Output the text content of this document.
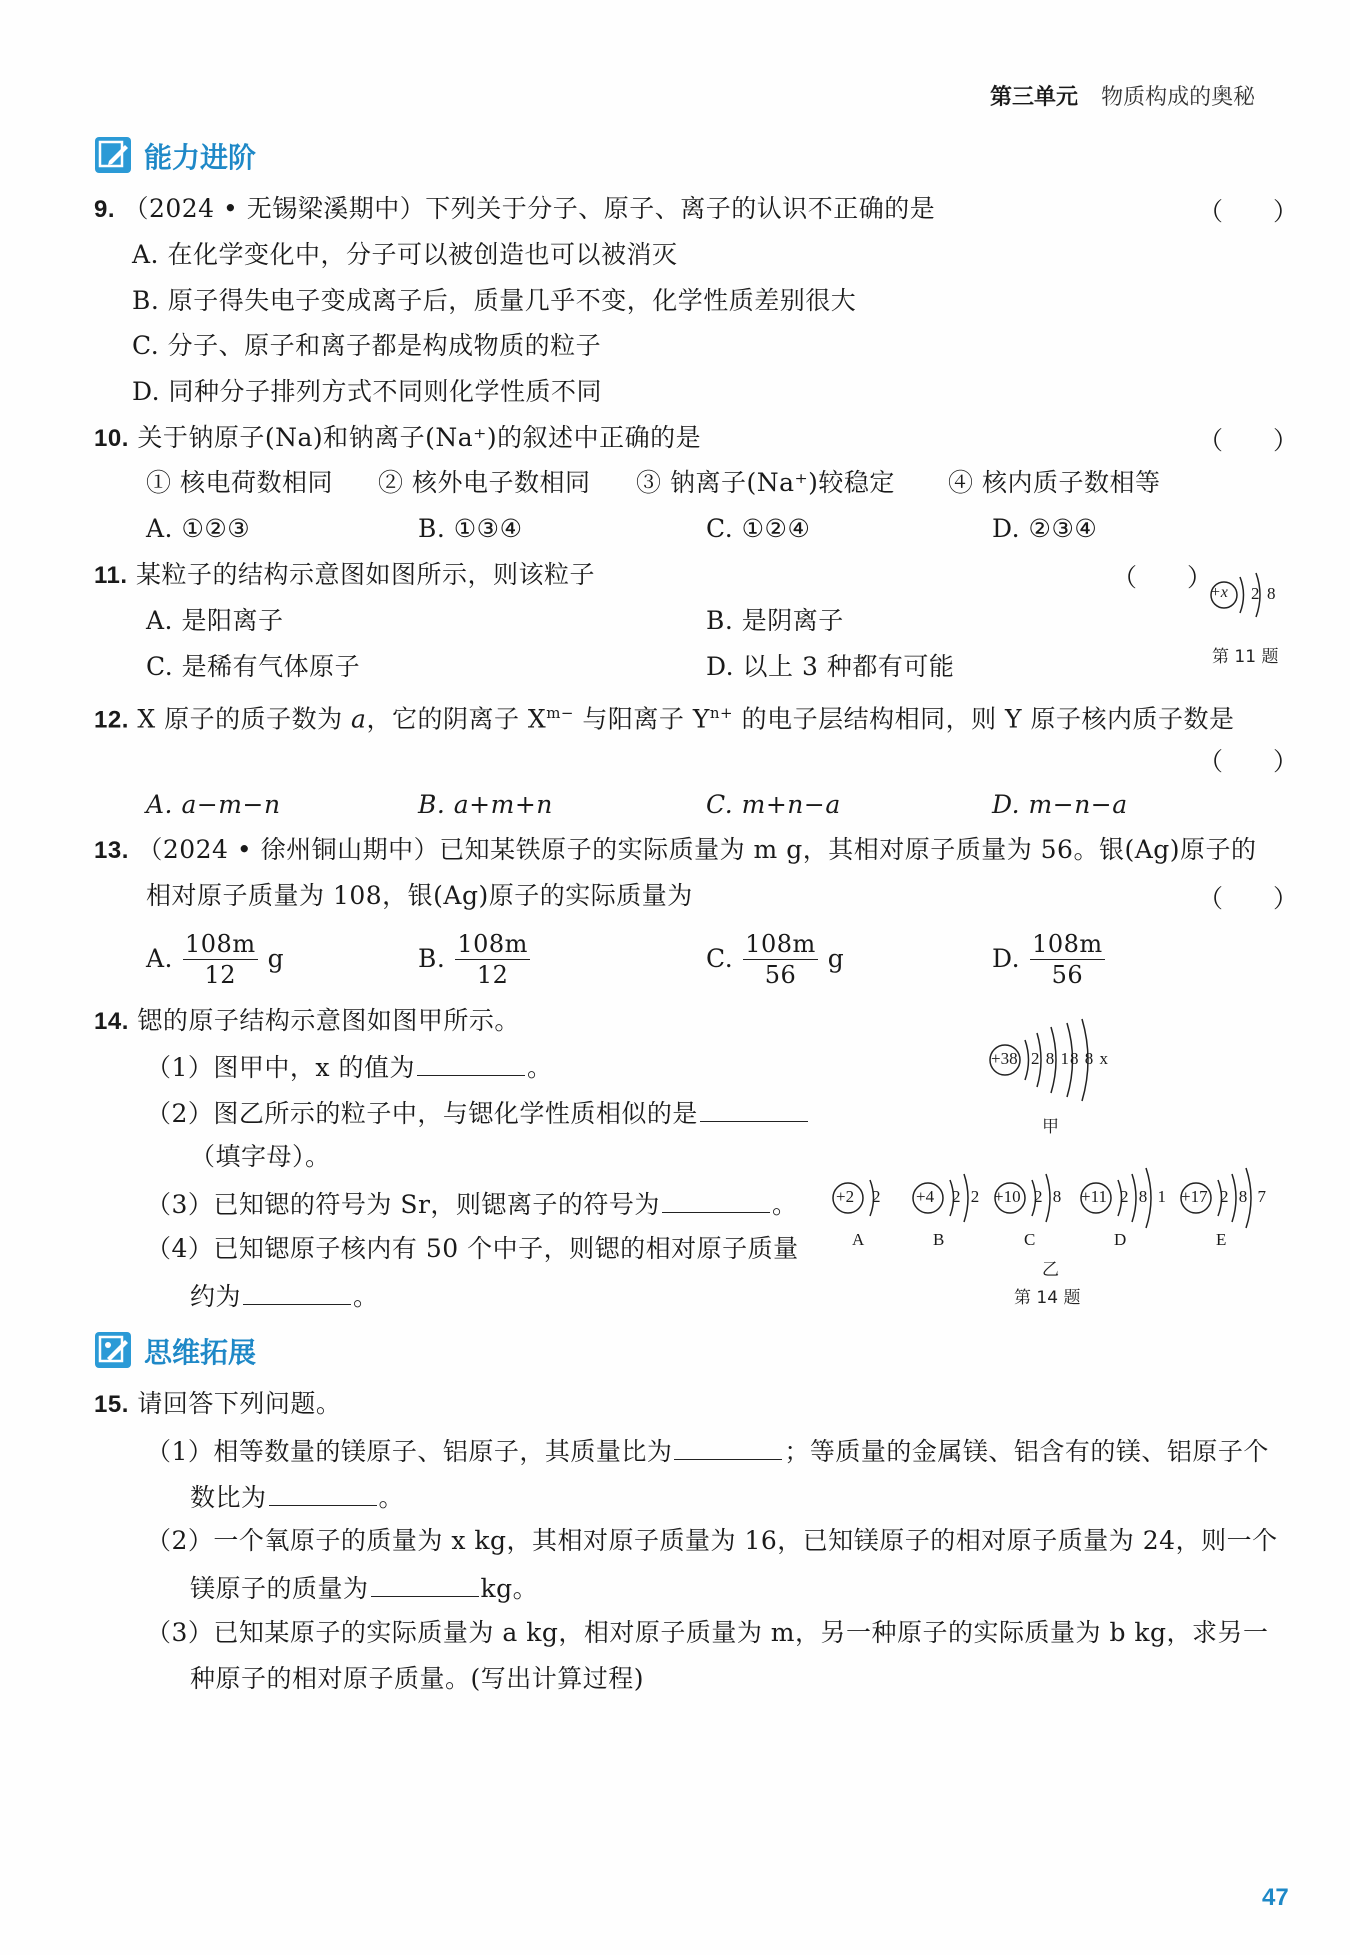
第三单元 物质构成的奥秘
能力进阶
9. （2024 • 无锡梁溪期中）下列关于分子、原子、离子的认识不正确的是	（　　）
A. 在化学变化中，分子可以被创造也可以被消灭
B. 原子得失电子变成离子后，质量几乎不变，化学性质差别很大
C. 分子、原子和离子都是构成物质的粒子
D. 同种分子排列方式不同则化学性质不同
10. 关于钠原子(Na)和钠离子(Na⁺)的叙述中正确的是	（　　）
① 核电荷数相同 ② 核外电子数相同 ③ 钠离子(Na⁺)较稳定 ④ 核内质子数相等
A. ①②③	B. ①③④	C. ①②④	D. ②③④
11. 某粒子的结构示意图如图所示，则该粒子	（　　）
A. 是阳离子	B. 是阴离子
C. 是稀有气体原子	D. 以上 3 种都有可能
+x 2 8
第 11 题
12. X 原子的质子数为 a，它的阴离子 $X^{m-}$ 与阳离子 $Y^{n+}$ 的电子层结构相同，则 Y 原子核内质子数是
（　　）
A. a−m−n	B. a+m+n	C. m+n−a	D. m−n−a
13. （2024 • 徐州铜山期中）已知某铁原子的实际质量为 m g，其相对原子质量为 56。银(Ag)原子的
相对原子质量为 108，银(Ag)原子的实际质量为	（　　）
A. $\frac{108m}{12}$ g	B. $\frac{108m}{12}$	C. $\frac{108m}{56}$ g	D. $\frac{108m}{56}$
14. 锶的原子结构示意图如图甲所示。
（1）图甲中，x 的值为	。
（2）图乙所示的粒子中，与锶化学性质相似的是
（填字母）。
（3）已知锶的符号为 Sr，则锶离子的符号为	。
（4）已知锶原子核内有 50 个中子，则锶的相对原子质量
约为	。
+38 2 8 18 8 x
甲
+2 2
A
+4 2 2
B
+10 2 8
C
+11 2 8 1
D
+17 2 8 7
E
乙
第 14 题
思维拓展
15. 请回答下列问题。
（1）相等数量的镁原子、铝原子，其质量比为	；等质量的金属镁、铝含有的镁、铝原子个
数比为	。
（2）一个氧原子的质量为 x kg，其相对原子质量为 16，已知镁原子的相对原子质量为 24，则一个
镁原子的质量为	kg。
（3）已知某原子的实际质量为 a kg，相对原子质量为 m，另一种原子的实际质量为 b kg，求另一
种原子的相对原子质量。(写出计算过程)
47
